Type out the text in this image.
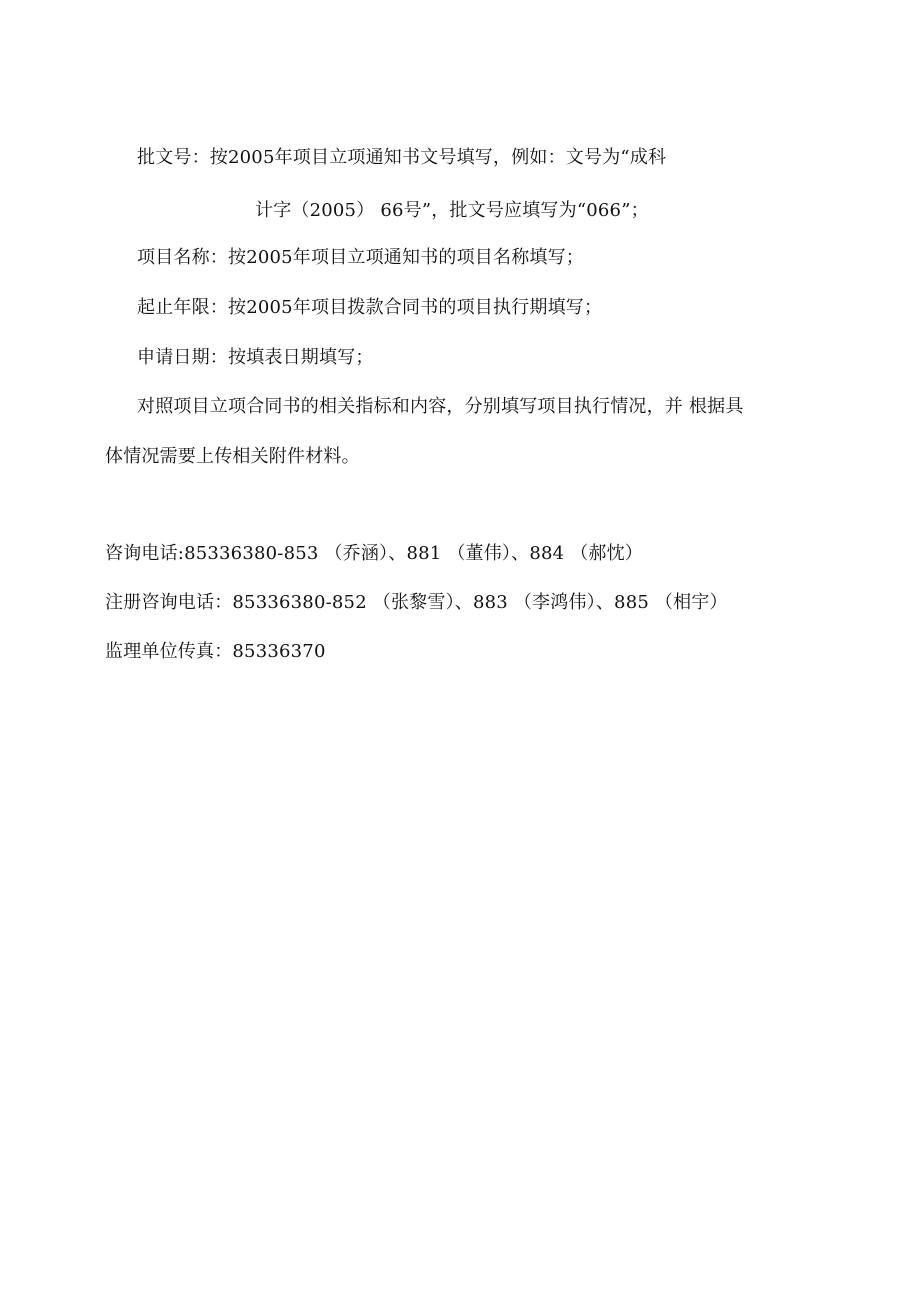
批文号：按2005年项目立项通知书文号填写，例如：文号为“成科
计字（2005） 66号”，批文号应填写为“066”；
项目名称：按2005年项目立项通知书的项目名称填写；
起止年限：按2005年项目拨款合同书的项目执行期填写；
申请日期：按填表日期填写；
对照项目立项合同书的相关指标和内容，分别填写项目执行情况，并 根据具
体情况需要上传相关附件材料。
咨询电话:85336380-853 （乔涵）、881 （董伟）、884 （郝忱）
注册咨询电话：85336380-852 （张黎雪）、883 （李鸿伟）、885 （相宇）
监理单位传真：85336370
